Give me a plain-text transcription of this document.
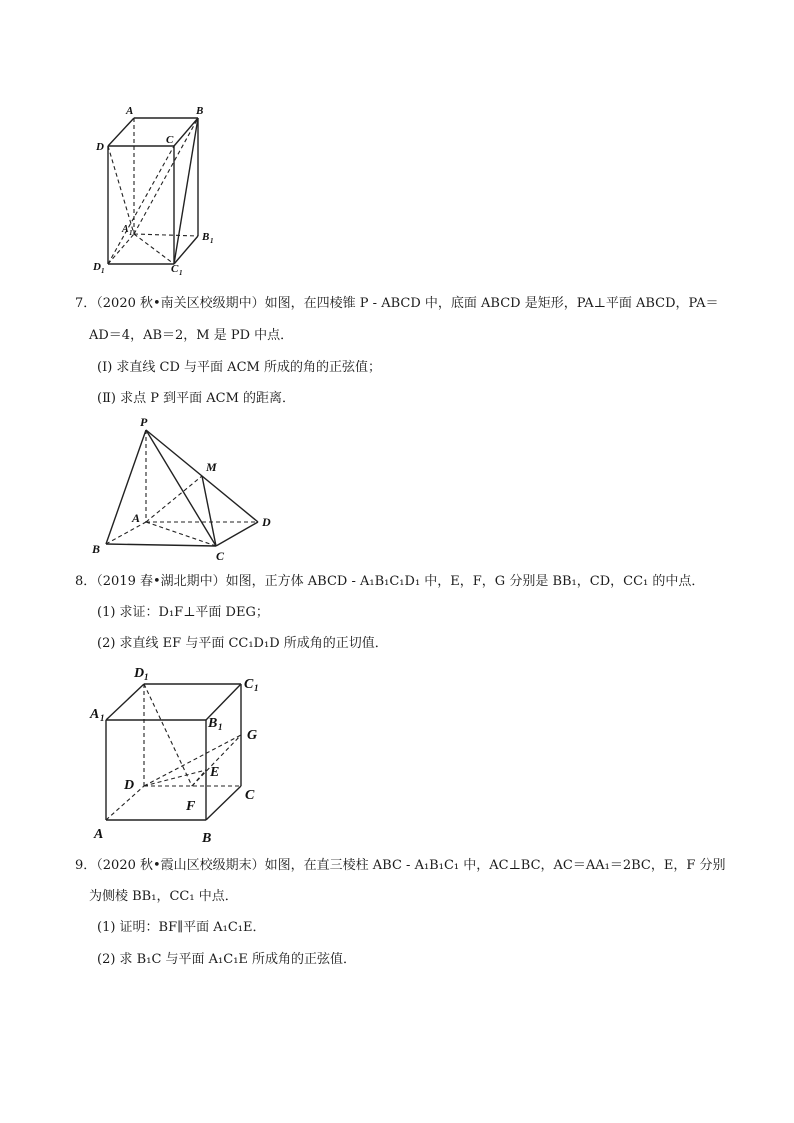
A	B
C
D
A 1	B 1
D 1	C 1
7．（2020 秋•南关区校级期中）如图，在四棱锥 P - ABCD 中，底面 ABCD 是矩形，PA⊥平面 ABCD，PA＝
AD＝4，AB＝2，M 是 PD 中点．
(I) 求直线 CD 与平面 ACM 所成的角的正弦值；
(Ⅱ) 求点 P 到平面 ACM 的距离．
P
M
A	D
B	C
8．（2019 春•湖北期中）如图，正方体 ABCD - A₁B₁C₁D₁ 中，E，F，G 分别是 BB₁，CD，CC₁ 的中点．
(1) 求证：D₁F⊥平面 DEG；
(2) 求直线 EF 与平面 CC₁D₁D 所成角的正切值．
D 1	C 1
A 1	B 1
G
E
D
C
F
A	B
9．（2020 秋•霞山区校级期末）如图，在直三棱柱 ABC - A₁B₁C₁ 中，AC⊥BC，AC＝AA₁＝2BC，E，F 分别
为侧棱 BB₁，CC₁ 中点．
(1) 证明：BF∥平面 A₁C₁E．
(2) 求 B₁C 与平面 A₁C₁E 所成角的正弦值．
